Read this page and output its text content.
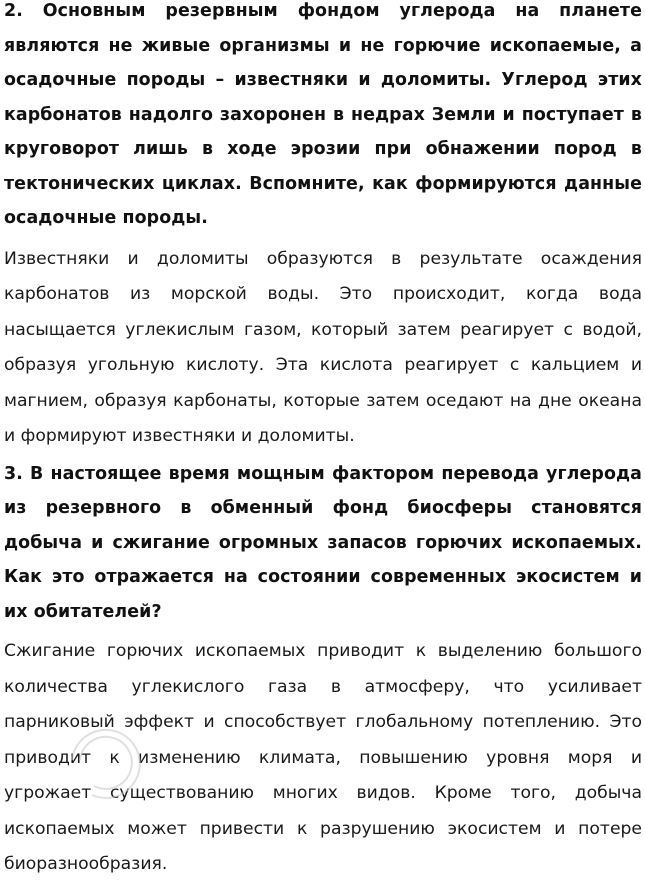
2. Основным резервным фондом углерода на планете являются не живые организмы и не горючие ископаемые, а осадочные породы – известняки и доломиты. Углерод этих карбонатов надолго захоронен в недрах Земли и поступает в круговорот лишь в ходе эрозии при обнажении пород в тектонических циклах. Вспомните, как формируются данные осадочные породы.

Известняки и доломиты образуются в результате осаждения карбонатов из морской воды. Это происходит, когда вода насыщается углекислым газом, который затем реагирует с водой, образуя угольную кислоту. Эта кислота реагирует с кальцием и магнием, образуя карбонаты, которые затем оседают на дне океана и формируют известняки и доломиты.

3. В настоящее время мощным фактором перевода углерода из резервного в обменный фонд биосферы становятся добыча и сжигание огромных запасов горючих ископаемых. Как это отражается на состоянии современных экосистем и их обитателей?

Сжигание горючих ископаемых приводит к выделению большого количества углекислого газа в атмосферу, что усиливает парниковый эффект и способствует глобальному потеплению. Это приводит к изменению климата, повышению уровня моря и угрожает существованию многих видов. Кроме того, добыча ископаемых может привести к разрушению экосистем и потере биоразнообразия.
